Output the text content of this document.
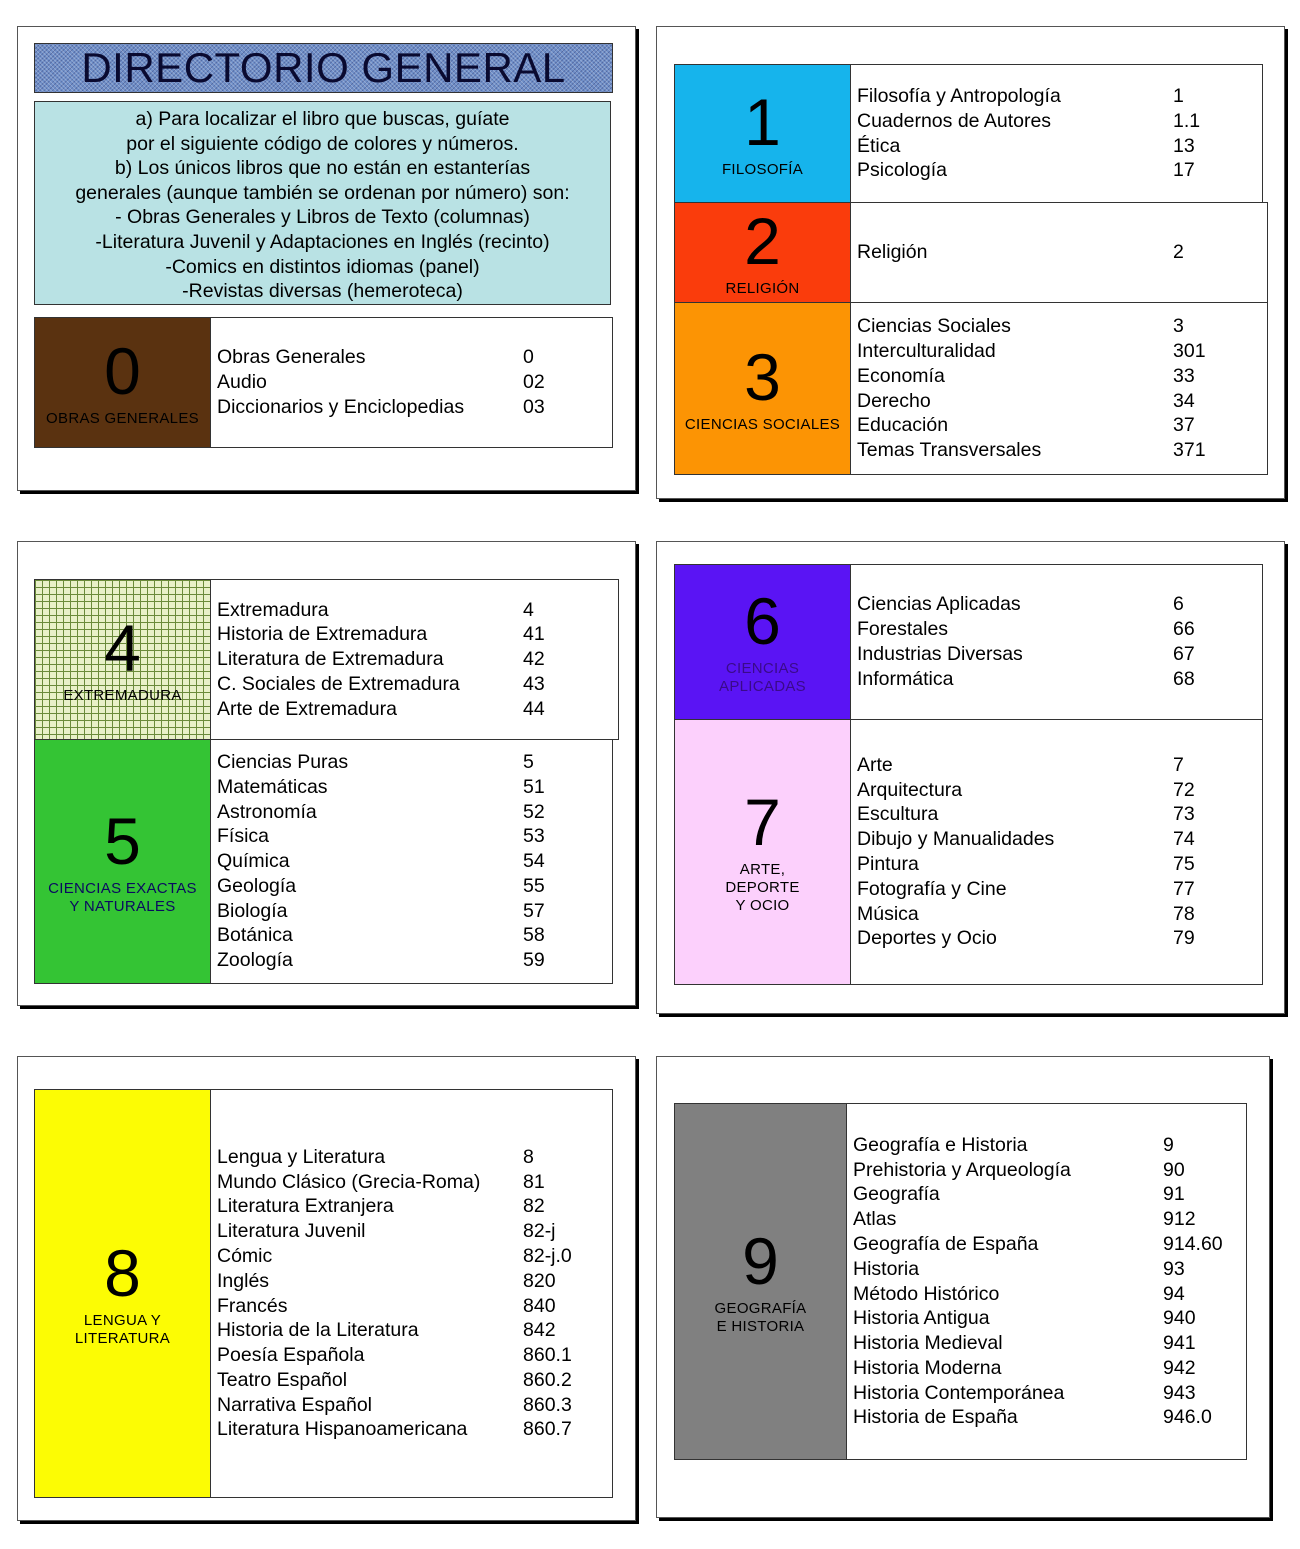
DIRECTORIO GENERAL
a) Para localizar el libro que buscas, guíate
por el siguiente código de colores y números.
b) Los únicos libros que no están en estanterías
generales (aunque también se ordenan por número) son:
- Obras Generales y Libros de Texto (columnas)
-Literatura Juvenil y Adaptaciones en Inglés (recinto)
-Comics en distintos idiomas (panel)
-Revistas diversas (hemeroteca)
0
OBRAS GENERALES
Obras Generales	0
Audio	02
Diccionarios y Enciclopedias	03
1
FILOSOFÍA
Filosofía y Antropología	1
Cuadernos de Autores	1.1
Ética	13
Psicología	17
2
RELIGIÓN
Religión	2
3
CIENCIAS SOCIALES
Ciencias Sociales	3
Interculturalidad	301
Economía	33
Derecho	34
Educación	37
Temas Transversales	371
4
EXTREMADURA
Extremadura	4
Historia de Extremadura	41
Literatura de Extremadura	42
C. Sociales de Extremadura	43
Arte de Extremadura	44
5
CIENCIAS EXACTAS
Y NATURALES
Ciencias Puras	5
Matemáticas	51
Astronomía	52
Física	53
Química	54
Geología	55
Biología	57
Botánica	58
Zoología	59
6
CIENCIAS
APLICADAS
Ciencias Aplicadas	6
Forestales	66
Industrias Diversas	67
Informática	68
7
ARTE,
DEPORTE
Y OCIO
Arte	7
Arquitectura	72
Escultura	73
Dibujo y Manualidades	74
Pintura	75
Fotografía y Cine	77
Música	78
Deportes y Ocio	79
8
LENGUA Y
LITERATURA
Lengua y Literatura	8
Mundo Clásico (Grecia-Roma) 81
Literatura Extranjera	82
Literatura Juvenil	82-j
Cómic	82-j.0
Inglés	820
Francés	840
Historia de la Literatura	842
Poesía Española	860.1
Teatro Español	860.2
Narrativa Español	860.3
Literatura Hispanoamericana	860.7
9
GEOGRAFÍA
E HISTORIA
Geografía e Historia	9
Prehistoria y Arqueología	90
Geografía	91
Atlas	912
Geografía de España	914.60
Historia	93
Método Histórico	94
Historia Antigua	940
Historia Medieval	941
Historia Moderna	942
Historia Contemporánea	943
Historia de España	946.0
